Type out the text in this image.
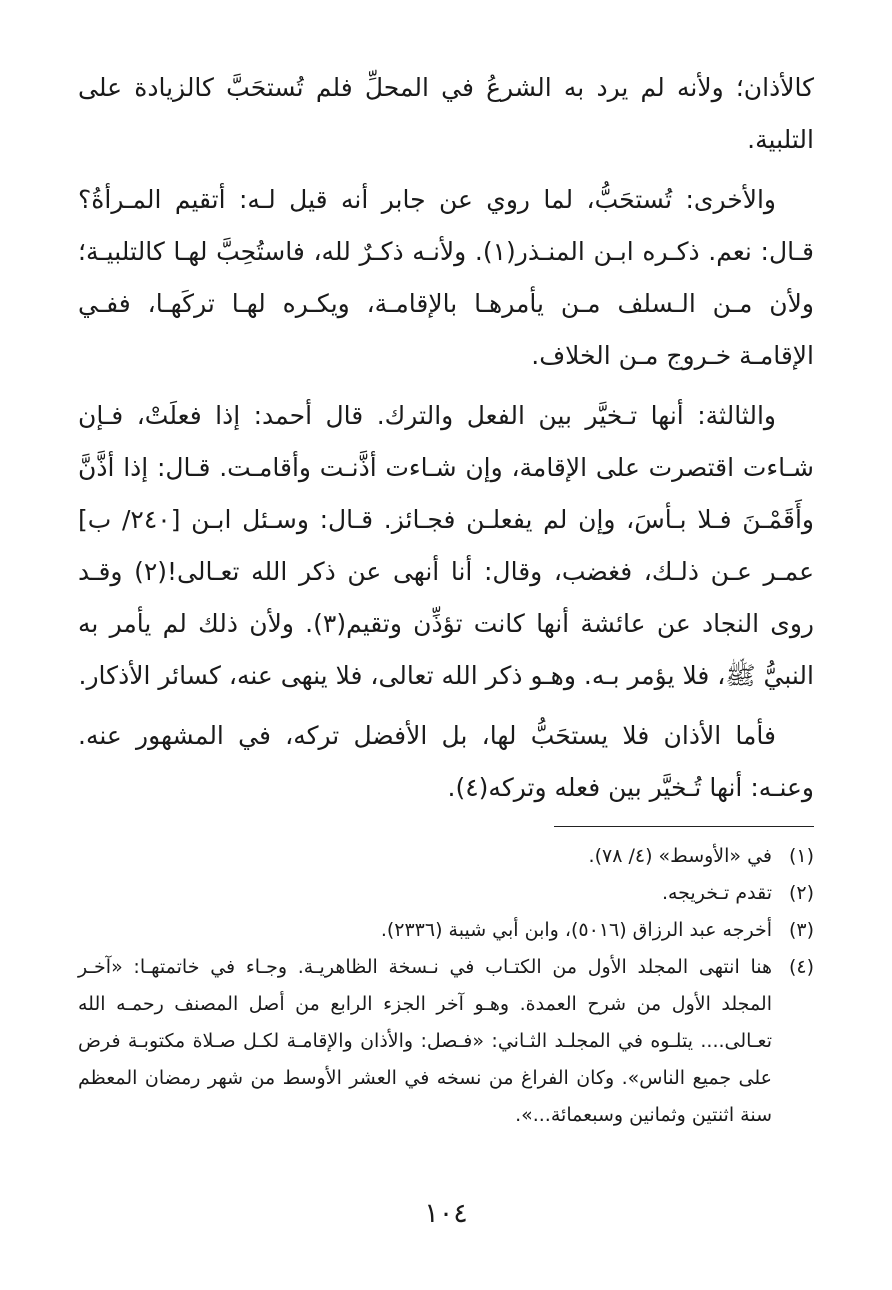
كالأذان؛ ولأنه لم يرد به الشرعُ في المحلِّ فلم تُستحَبَّ كالزيادة على التلبية.

والأخرى: تُستحَبُّ، لما روي عن جابر أنه قيل لـه: أتقيم المـرأةُ؟ قـال: نعم. ذكـره ابـن المنـذر(١). ولأنـه ذكـرٌ لله، فاستُحِبَّ لهـا كالتلبيـة؛ ولأن مـن الـسلف مـن يأمرهـا بالإقامـة، ويكـره لهـا تركَهـا، ففـي الإقامـة خـروج مـن الخلاف.

والثالثة: أنها تـخيَّر بين الفعل والترك. قال أحمد: إذا فعلَتْ، فـإن شـاءت اقتصرت على الإقامة، وإن شـاءت أذَّنـت وأقامـت. قـال: إذا أذَّنَّ وأَقَمْـنَ فـلا بـأسَ، وإن لم يفعلـن فجـائز. قـال: وسـئل ابـن [٢٤٠/ ب] عمـر عـن ذلـك، فغضب، وقال: أنا أنهى عن ذكر الله تعـالى!(٢) وقـد روى النجاد عن عائشة أنها كانت تؤذِّن وتقيم(٣). ولأن ذلك لم يأمر به النبيُّ ﷺ، فلا يؤمر بـه. وهـو ذكر الله تعالى، فلا ينهى عنه، كسائر الأذكار.

فأما الأذان فلا يستحَبُّ لها، بل الأفضل تركه، في المشهور عنه. وعنـه: أنها تُـخيَّر بين فعله وتركه(٤).

(١)
في «الأوسط» (٤/ ٧٨).
(٢)
تقدم تـخريجه.
(٣)
أخرجه عبد الرزاق (٥٠١٦)، وابن أبي شيبة (٢٣٣٦).
(٤)
هنا انتهى المجلد الأول من الكتـاب في نـسخة الظاهريـة. وجـاء في خاتمتهـا: «آخـر المجلد الأول من شرح العمدة. وهـو آخر الجزء الرابع من أصل المصنف رحمـه الله تعـالى.... يتلـوه في المجلـد الثـاني: «فـصل: والأذان والإقامـة لكـل صـلاة مكتوبـة فرض على جميع الناس». وكان الفراغ من نسخه في العشر الأوسط من شهر رمضان المعظم سنة اثنتين وثمانين وسبعمائة...».
١٠٤
